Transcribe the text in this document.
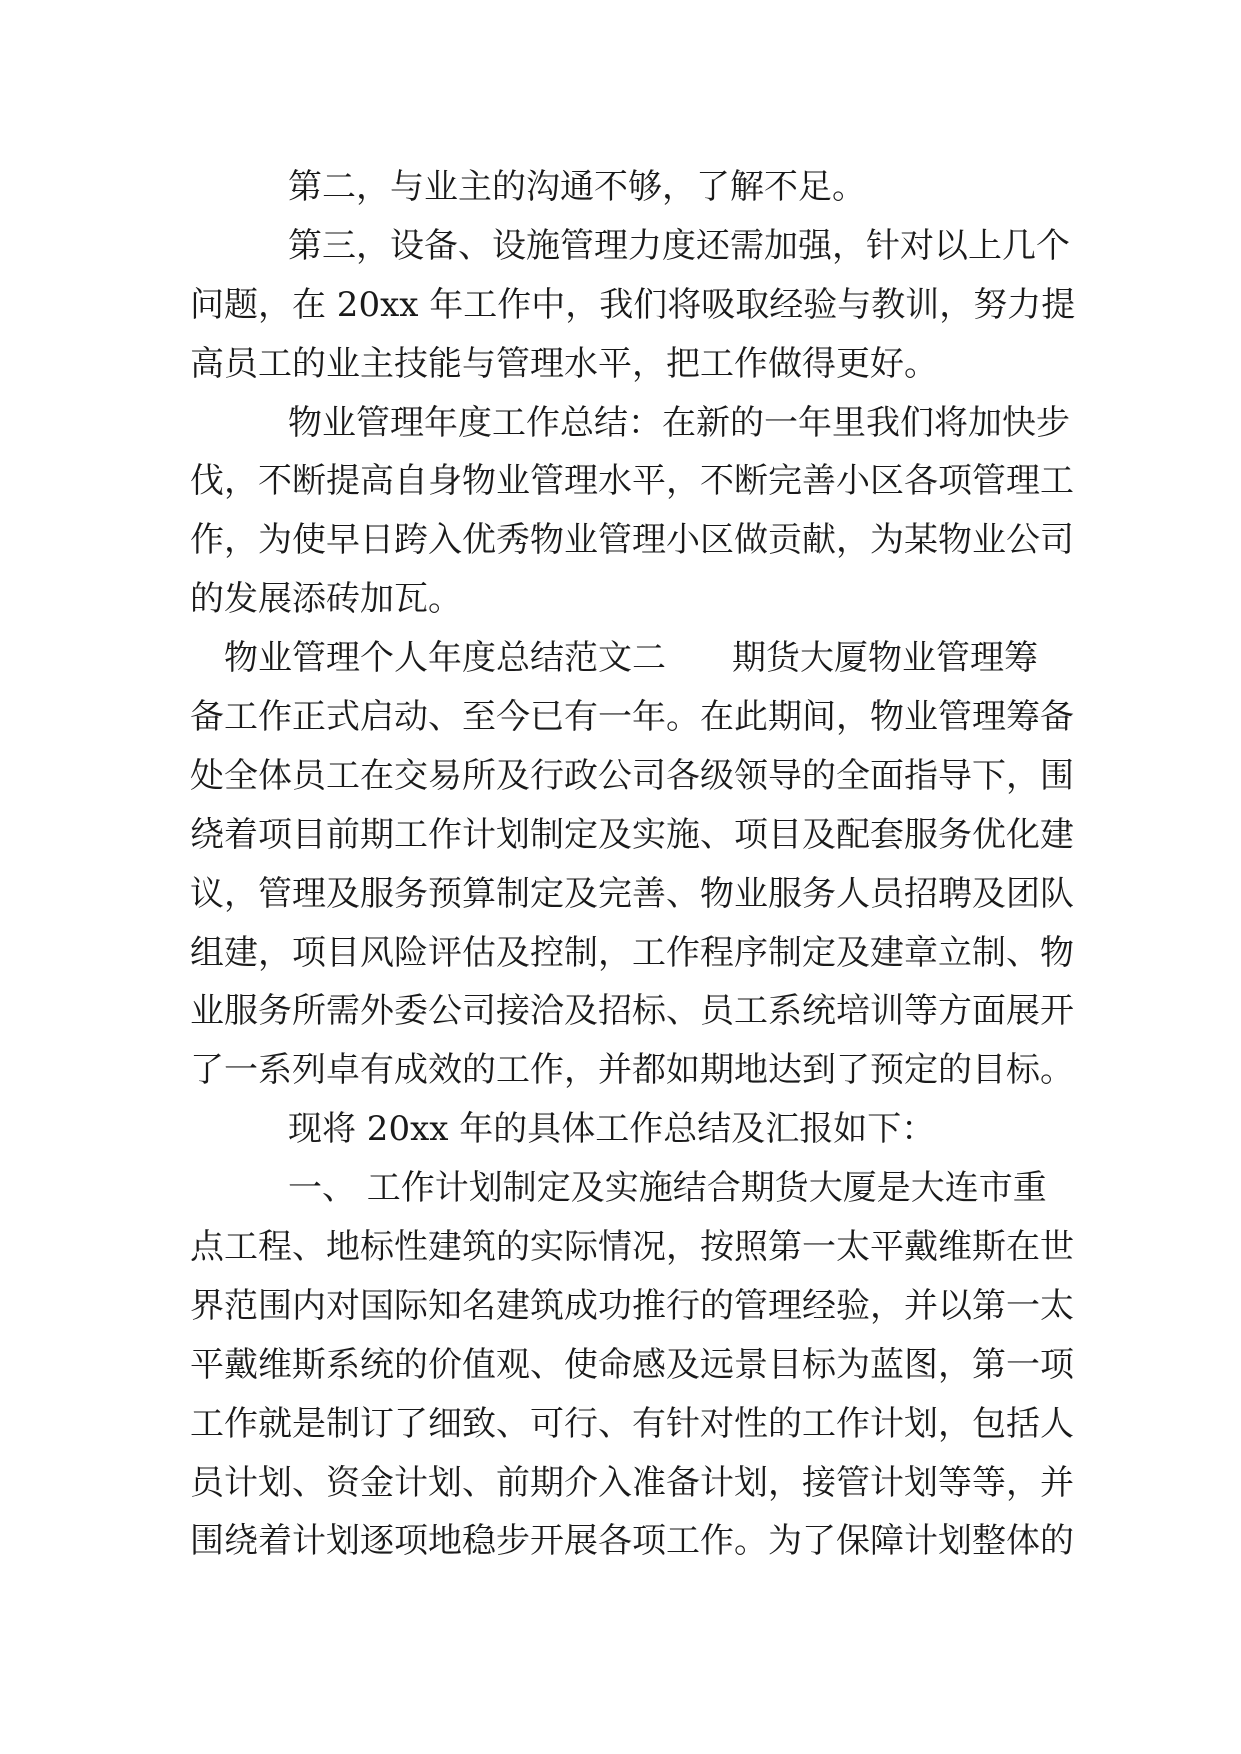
第二，与业主的沟通不够，了解不足。
第三，设备、设施管理力度还需加强，针对以上几个
问题，在 20xx 年工作中，我们将吸取经验与教训，努力提
高员工的业主技能与管理水平，把工作做得更好。
物业管理年度工作总结：在新的一年里我们将加快步
伐，不断提高自身物业管理水平，不断完善小区各项管理工
作，为使早日跨入优秀物业管理小区做贡献，为某物业公司
的发展添砖加瓦。
物业管理个人年度总结范文二 期货大厦物业管理筹
备工作正式启动、至今已有一年。在此期间，物业管理筹备
处全体员工在交易所及行政公司各级领导的全面指导下，围
绕着项目前期工作计划制定及实施、项目及配套服务优化建
议，管理及服务预算制定及完善、物业服务人员招聘及团队
组建，项目风险评估及控制，工作程序制定及建章立制、物
业服务所需外委公司接洽及招标、员工系统培训等方面展开
了一系列卓有成效的工作，并都如期地达到了预定的目标。
现将 20xx 年的具体工作总结及汇报如下：
一、 工作计划制定及实施结合期货大厦是大连市重
点工程、地标性建筑的实际情况，按照第一太平戴维斯在世
界范围内对国际知名建筑成功推行的管理经验，并以第一太
平戴维斯系统的价值观、使命感及远景目标为蓝图，第一项
工作就是制订了细致、可行、有针对性的工作计划，包括人
员计划、资金计划、前期介入准备计划，接管计划等等，并
围绕着计划逐项地稳步开展各项工作。为了保障计划整体的
